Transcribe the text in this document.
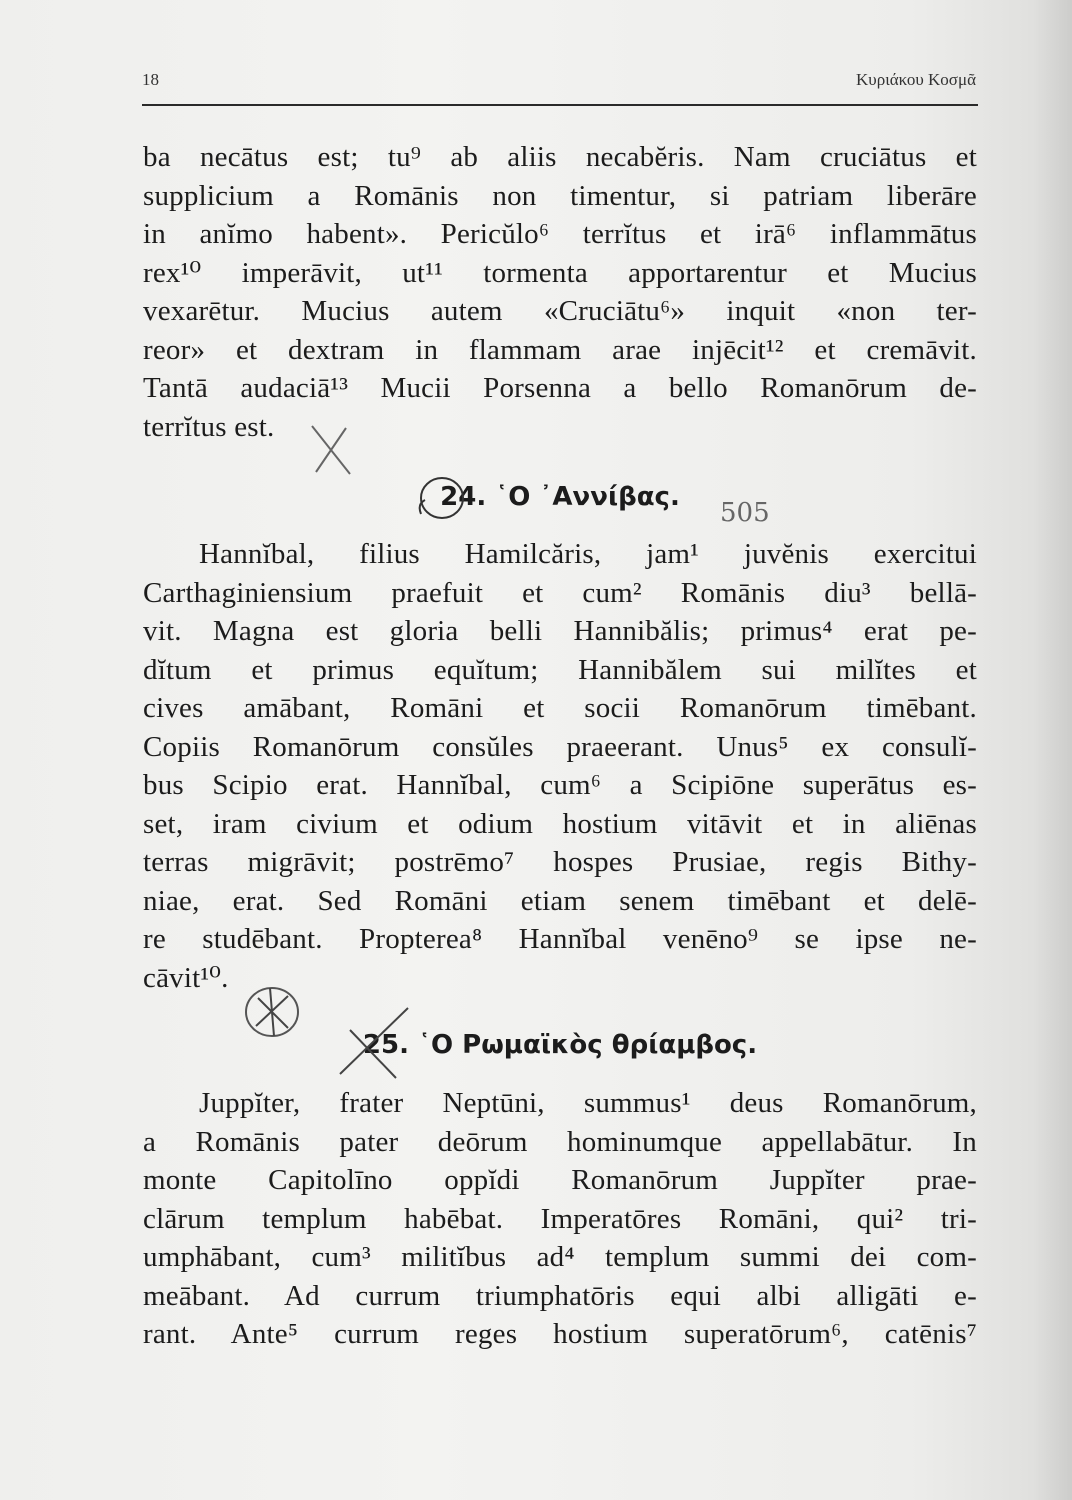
18	Κυριάκου Κοσμᾶ
ba necātus est; tu⁹ ab aliis necabĕris. Nam cruciātus et
supplicium a Romānis non timentur, si patriam liberāre
in anĭmo habent». Pericŭlo⁶ terrĭtus et irā⁶ inflammātus
rex¹⁰ imperāvit, ut¹¹ tormenta apportarentur et Mucius
vexarētur. Mucius autem «Cruciātu⁶» inquit «non ter-
reor» et dextram in flammam arae injēcit¹² et cremāvit.
Tantā audaciā¹³ Mucii Porsenna a bello Romanōrum de-
terrĭtus est.
24. ῾Ο ᾿Αννίβας.
505
Hannĭbal, filius Hamilcăris, jam¹ juvĕnis exercitui
Carthaginiensium praefuit et cum² Romānis diu³ bellā-
vit. Magna est gloria belli Hannibălis; primus⁴ erat pe-
dĭtum et primus equĭtum; Hannibălem sui milĭtes et
cives amābant, Romāni et socii Romanōrum timēbant.
Copiis Romanōrum consŭles praeerant. Unus⁵ ex consulĭ-
bus Scipio erat. Hannĭbal, cum⁶ a Scipiōne superātus es-
set, iram civium et odium hostium vitāvit et in aliēnas
terras migrāvit; postrēmo⁷ hospes Prusiae, regis Bithy-
niae, erat. Sed Romāni etiam senem timēbant et delē-
re studēbant. Propterea⁸ Hannĭbal venēno⁹ se ipse ne-
cāvit¹⁰.
25. ῾Ο Ρωμαϊκὸς θρίαμβος.
Juppĭter, frater Neptūni, summus¹ deus Romanōrum,
a Romānis pater deōrum hominumque appellabātur. In
monte Capitolīno oppĭdi Romanōrum Juppĭter prae-
clārum templum habēbat. Imperatōres Romāni, qui² tri-
umphābant, cum³ militĭbus ad⁴ templum summi dei com-
meābant. Ad currum triumphatōris equi albi alligāti e-
rant. Ante⁵ currum reges hostium superatōrum⁶, catēnis⁷
